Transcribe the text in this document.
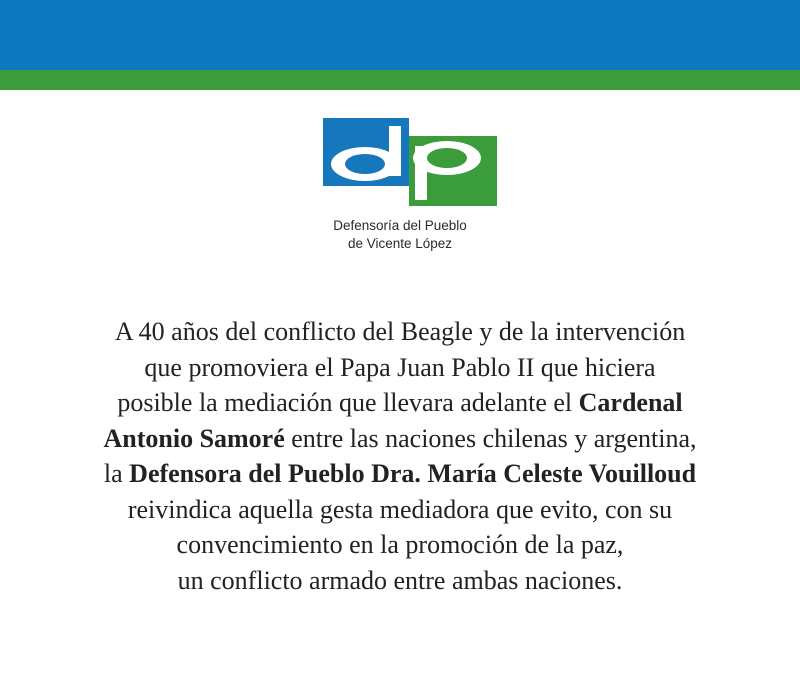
Defensoría del Pueblo
de Vicente López
A 40 años del conflicto del Beagle y de la intervención
que promoviera el Papa Juan Pablo II que hiciera
posible la mediación que llevara adelante el Cardenal
Antonio Samoré entre las naciones chilenas y argentina,
la Defensora del Pueblo Dra. María Celeste Vouilloud
reivindica aquella gesta mediadora que evito, con su
convencimiento en la promoción de la paz,
un conflicto armado entre ambas naciones.
